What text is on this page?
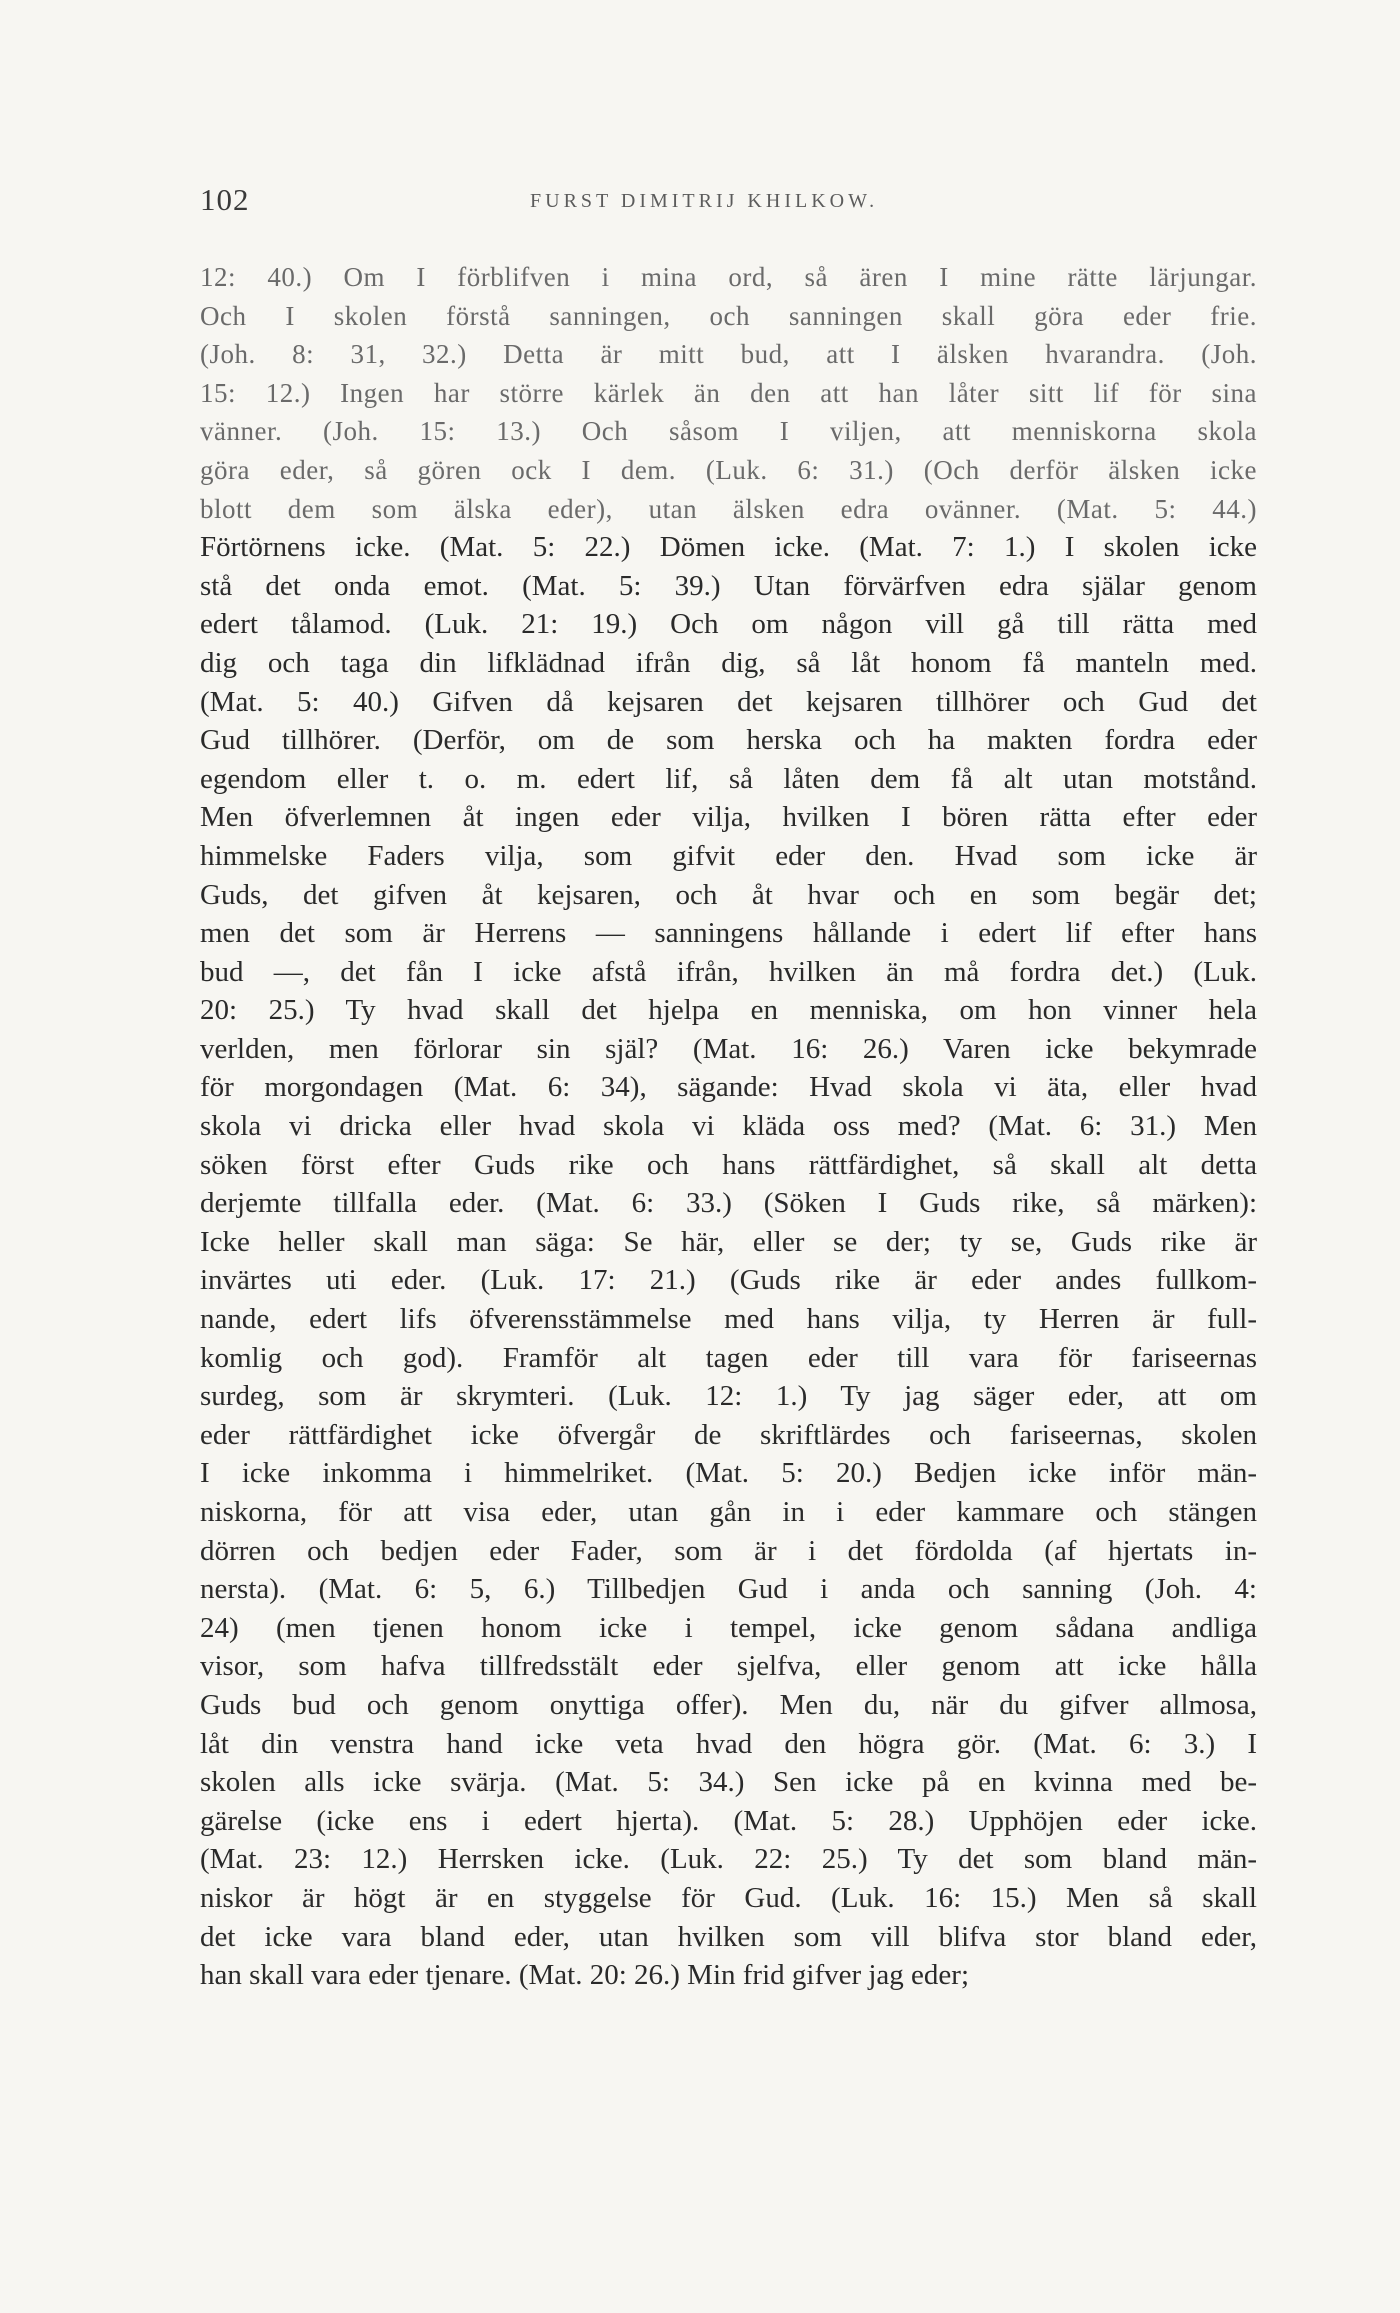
102	FURST DIMITRIJ KHILKOW.
12: 40.) Om I förblifven i mina ord, så ären I mine rätte lärjungar.
Och I skolen förstå sanningen, och sanningen skall göra eder frie.
(Joh. 8: 31, 32.) Detta är mitt bud, att I älsken hvarandra. (Joh.
15: 12.) Ingen har större kärlek än den att han låter sitt lif för sina
vänner. (Joh. 15: 13.) Och såsom I viljen, att menniskorna skola
göra eder, så gören ock I dem. (Luk. 6: 31.) (Och derför älsken icke
blott dem som älska eder), utan älsken edra ovänner. (Mat. 5: 44.)
Förtörnens icke. (Mat. 5: 22.) Dömen icke. (Mat. 7: 1.) I skolen icke
stå det onda emot. (Mat. 5: 39.) Utan förvärfven edra själar genom
edert tålamod. (Luk. 21: 19.) Och om någon vill gå till rätta med
dig och taga din lifklädnad ifrån dig, så låt honom få manteln med.
(Mat. 5: 40.) Gifven då kejsaren det kejsaren tillhörer och Gud det
Gud tillhörer. (Derför, om de som herska och ha makten fordra eder
egendom eller t. o. m. edert lif, så låten dem få alt utan motstånd.
Men öfverlemnen åt ingen eder vilja, hvilken I bören rätta efter eder
himmelske Faders vilja, som gifvit eder den. Hvad som icke är
Guds, det gifven åt kejsaren, och åt hvar och en som begär det;
men det som är Herrens — sanningens hållande i edert lif efter hans
bud —, det fån I icke afstå ifrån, hvilken än må fordra det.) (Luk.
20: 25.) Ty hvad skall det hjelpa en menniska, om hon vinner hela
verlden, men förlorar sin själ? (Mat. 16: 26.) Varen icke bekymrade
för morgondagen (Mat. 6: 34), sägande: Hvad skola vi äta, eller hvad
skola vi dricka eller hvad skola vi kläda oss med? (Mat. 6: 31.) Men
söken först efter Guds rike och hans rättfärdighet, så skall alt detta
derjemte tillfalla eder. (Mat. 6: 33.) (Söken I Guds rike, så märken):
Icke heller skall man säga: Se här, eller se der; ty se, Guds rike är
invärtes uti eder. (Luk. 17: 21.) (Guds rike är eder andes fullkom-
nande, edert lifs öfverensstämmelse med hans vilja, ty Herren är full-
komlig och god). Framför alt tagen eder till vara för fariseernas
surdeg, som är skrymteri. (Luk. 12: 1.) Ty jag säger eder, att om
eder rättfärdighet icke öfvergår de skriftlärdes och fariseernas, skolen
I icke inkomma i himmelriket. (Mat. 5: 20.) Bedjen icke inför män-
niskorna, för att visa eder, utan gån in i eder kammare och stängen
dörren och bedjen eder Fader, som är i det fördolda (af hjertats in-
nersta). (Mat. 6: 5, 6.) Tillbedjen Gud i anda och sanning (Joh. 4:
24) (men tjenen honom icke i tempel, icke genom sådana andliga
visor, som hafva tillfredsstält eder sjelfva, eller genom att icke hålla
Guds bud och genom onyttiga offer). Men du, när du gifver allmosa,
låt din venstra hand icke veta hvad den högra gör. (Mat. 6: 3.) I
skolen alls icke svärja. (Mat. 5: 34.) Sen icke på en kvinna med be-
gärelse (icke ens i edert hjerta). (Mat. 5: 28.) Upphöjen eder icke.
(Mat. 23: 12.) Herrsken icke. (Luk. 22: 25.) Ty det som bland män-
niskor är högt är en styggelse för Gud. (Luk. 16: 15.) Men så skall
det icke vara bland eder, utan hvilken som vill blifva stor bland eder,
han skall vara eder tjenare. (Mat. 20: 26.) Min frid gifver jag eder;
